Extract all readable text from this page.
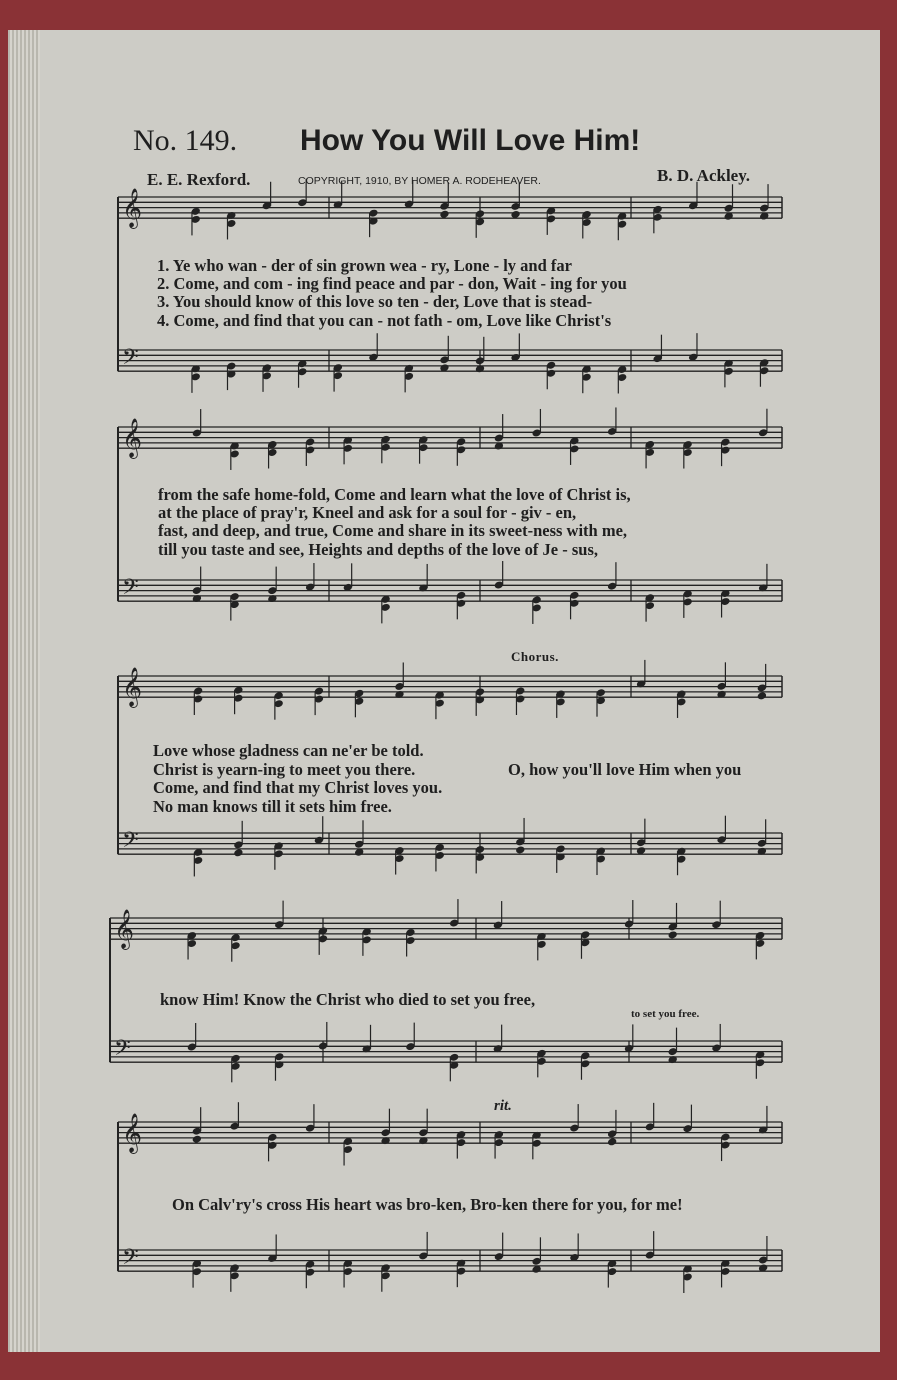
No. 149. How You Will Love Him!
E. E. Rexford.	COPYRIGHT, 1910, BY HOMER A. RODEHEAVER.	B. D. Ackley.
1. Ye who wan - der of sin grown wea - ry, Lone - ly and far
2. Come, and com - ing find peace and par - don, Wait - ing for you
3. You should know of this love so ten - der, Love that is stead-
4. Come, and find that you can - not fath - om, Love like Christ's
from the safe home-fold, Come and learn what the love of Christ is,
at the place of pray'r, Kneel and ask for a soul for - giv - en,
fast, and deep, and true, Come and share in its sweet-ness with me,
till you taste and see, Heights and depths of the love of Je - sus,
Chorus.
Love whose gladness can ne'er be told.
Christ is yearn-ing to meet you there.
Come, and find that my Christ loves you.
No man knows till it sets him free.
O, how you'll love Him when you
know Him! Know the Christ who died to set you free,
to set you free.
rit.
On Calv'ry's cross His heart was bro-ken, Bro-ken there for you, for me!
𝄞
𝄢
𝄞
𝄢
𝄞
𝄢
𝄞
𝄢
𝄞
𝄢
